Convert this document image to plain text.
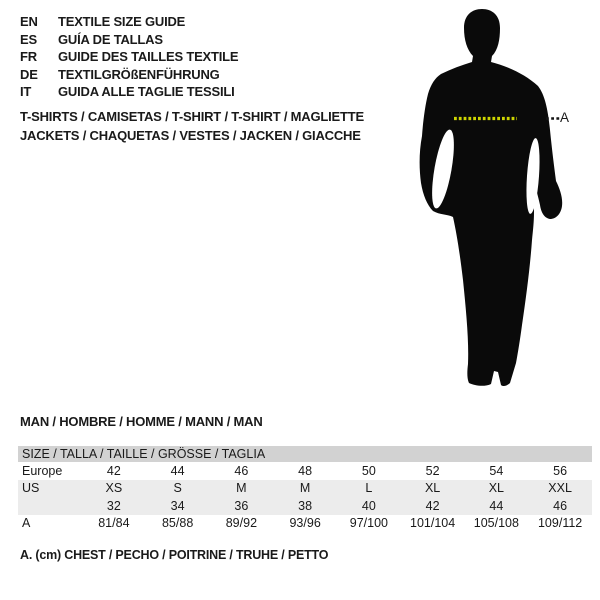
EN	TEXTILE SIZE GUIDE
ES	GUÍA DE TALLAS
FR	GUIDE DES TAILLES TEXTILE
DE	TEXTILGRÖßENFÜHRUNG
IT	GUIDA ALLE TAGLIE TESSILI
T-SHIRTS / CAMISETAS / T-SHIRT / T-SHIRT / MAGLIETTE
JACKETS / CHAQUETAS / VESTES / JACKEN / GIACCHE
A
MAN / HOMBRE / HOMME / MANN / MAN
SIZE / TALLA / TAILLE / GRÖSSE / TAGLIA								
Europe	42	44	46	48	50	52	54	56
US	XS	S	M	M	L	XL	XL	XXL
	32	34	36	38	40	42	44	46
A	81/84	85/88	89/92	93/96	97/100	101/104	105/108	109/112

A. (cm) CHEST / PECHO / POITRINE / TRUHE / PETTO
